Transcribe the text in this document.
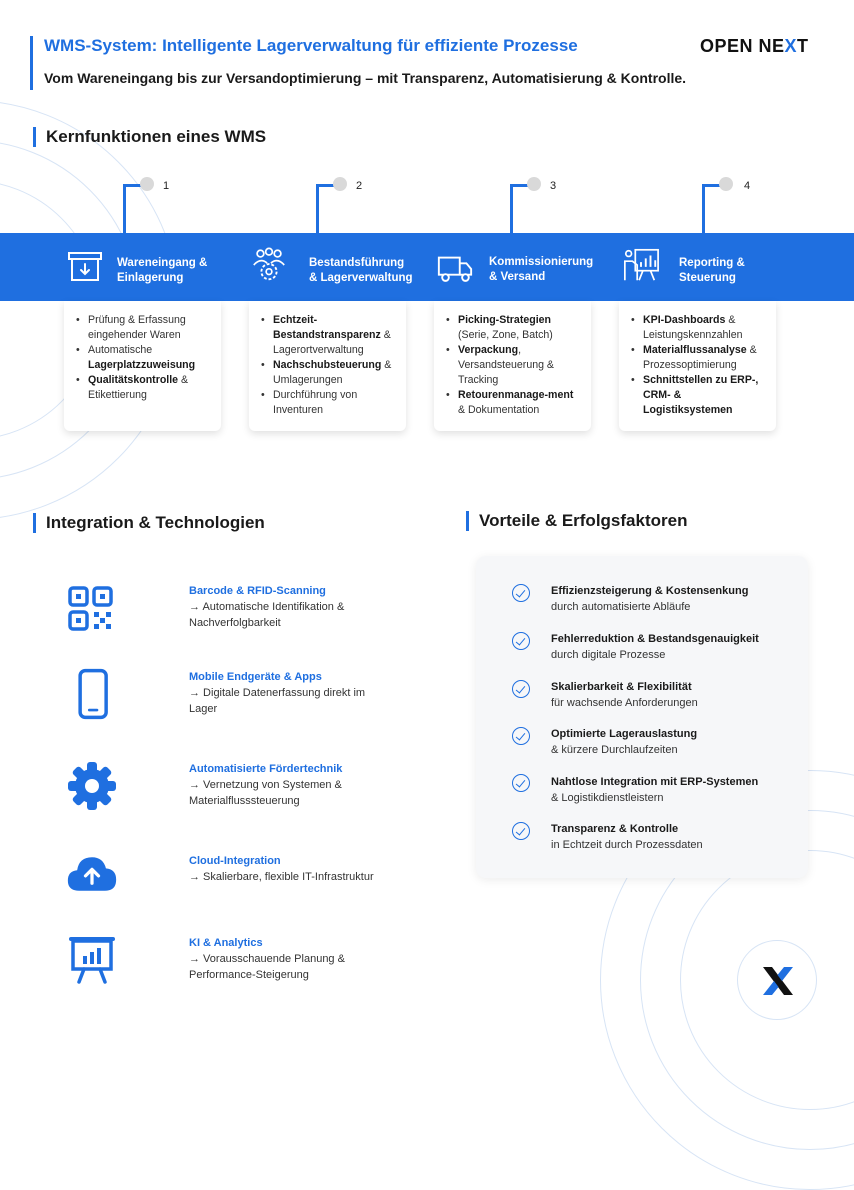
WMS-System: Intelligente Lagerverwaltung für effiziente Prozesse
Vom Wareneingang bis zur Versandoptimierung – mit Transparenz, Automatisierung & Kontrolle.
OPEN NEXT
Kernfunktionen eines WMS
1	2	3	4
Wareneingang &
Einlagerung
Bestandsführung
& Lagerverwaltung
Kommissionierung
& Versand
Reporting &
Steuerung
• Prüfung & Erfassung eingehender Waren
• Automatische Lagerplatzzuweisung
• Qualitätskontrolle & Etikettierung
• Echtzeit-Bestandstransparenz & Lagerortverwaltung
• Nachschubsteuerung & Umlagerungen
• Durchführung von Inventuren
• Picking-Strategien (Serie, Zone, Batch)
• Verpackung, Versandsteuerung & Tracking
• Retourenmanage-ment & Dokumentation
• KPI-Dashboards & Leistungskennzahlen
• Materialflussanalyse & Prozessoptimierung
• Schnittstellen zu ERP-, CRM- & Logistiksystemen
Integration & Technologien	Vorteile & Erfolgsfaktoren
Barcode & RFID-Scanning
→ Automatische Identifikation & Nachverfolgbarkeit
Mobile Endgeräte & Apps
→ Digitale Datenerfassung direkt im Lager
Automatisierte Fördertechnik
→ Vernetzung von Systemen & Materialflusssteuerung
Cloud-Integration
→ Skalierbare, flexible IT-Infrastruktur
KI & Analytics
→ Vorausschauende Planung & Performance-Steigerung
Effizienzsteigerung & Kostensenkung
durch automatisierte Abläufe
Fehlerreduktion & Bestandsgenauigkeit
durch digitale Prozesse
Skalierbarkeit & Flexibilität
für wachsende Anforderungen
Optimierte Lagerauslastung
& kürzere Durchlaufzeiten
Nahtlose Integration mit ERP-Systemen
& Logistikdienstleistern
Transparenz & Kontrolle
in Echtzeit durch Prozessdaten
